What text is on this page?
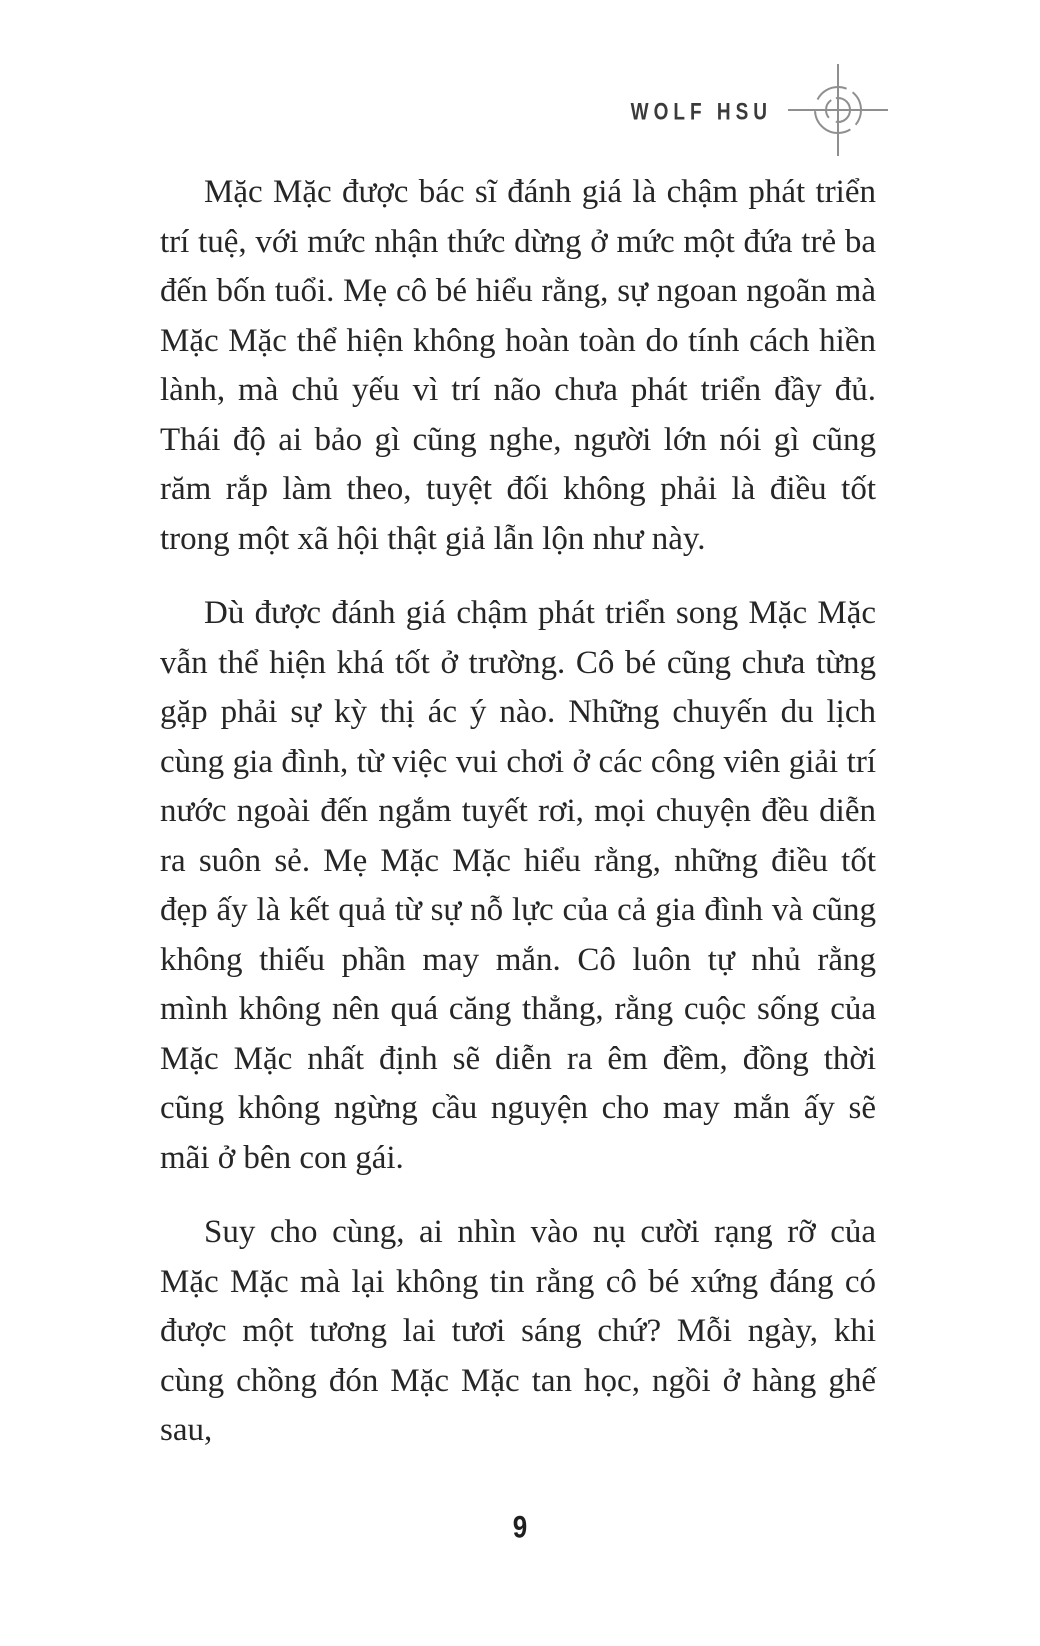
WOLF HSU

Mặc Mặc được bác sĩ đánh giá là chậm phát triển trí tuệ, với mức nhận thức dừng ở mức một đứa trẻ ba đến bốn tuổi. Mẹ cô bé hiểu rằng, sự ngoan ngoãn mà Mặc Mặc thể hiện không hoàn toàn do tính cách hiền lành, mà chủ yếu vì trí não chưa phát triển đầy đủ. Thái độ ai bảo gì cũng nghe, người lớn nói gì cũng răm rắp làm theo, tuyệt đối không phải là điều tốt trong một xã hội thật giả lẫn lộn như này.

Dù được đánh giá chậm phát triển song Mặc Mặc vẫn thể hiện khá tốt ở trường. Cô bé cũng chưa từng gặp phải sự kỳ thị ác ý nào. Những chuyến du lịch cùng gia đình, từ việc vui chơi ở các công viên giải trí nước ngoài đến ngắm tuyết rơi, mọi chuyện đều diễn ra suôn sẻ. Mẹ Mặc Mặc hiểu rằng, những điều tốt đẹp ấy là kết quả từ sự nỗ lực của cả gia đình và cũng không thiếu phần may mắn. Cô luôn tự nhủ rằng mình không nên quá căng thẳng, rằng cuộc sống của Mặc Mặc nhất định sẽ diễn ra êm đềm, đồng thời cũng không ngừng cầu nguyện cho may mắn ấy sẽ mãi ở bên con gái.

Suy cho cùng, ai nhìn vào nụ cười rạng rỡ của Mặc Mặc mà lại không tin rằng cô bé xứng đáng có được một tương lai tươi sáng chứ? Mỗi ngày, khi cùng chồng đón Mặc Mặc tan học, ngồi ở hàng ghế sau,

9
